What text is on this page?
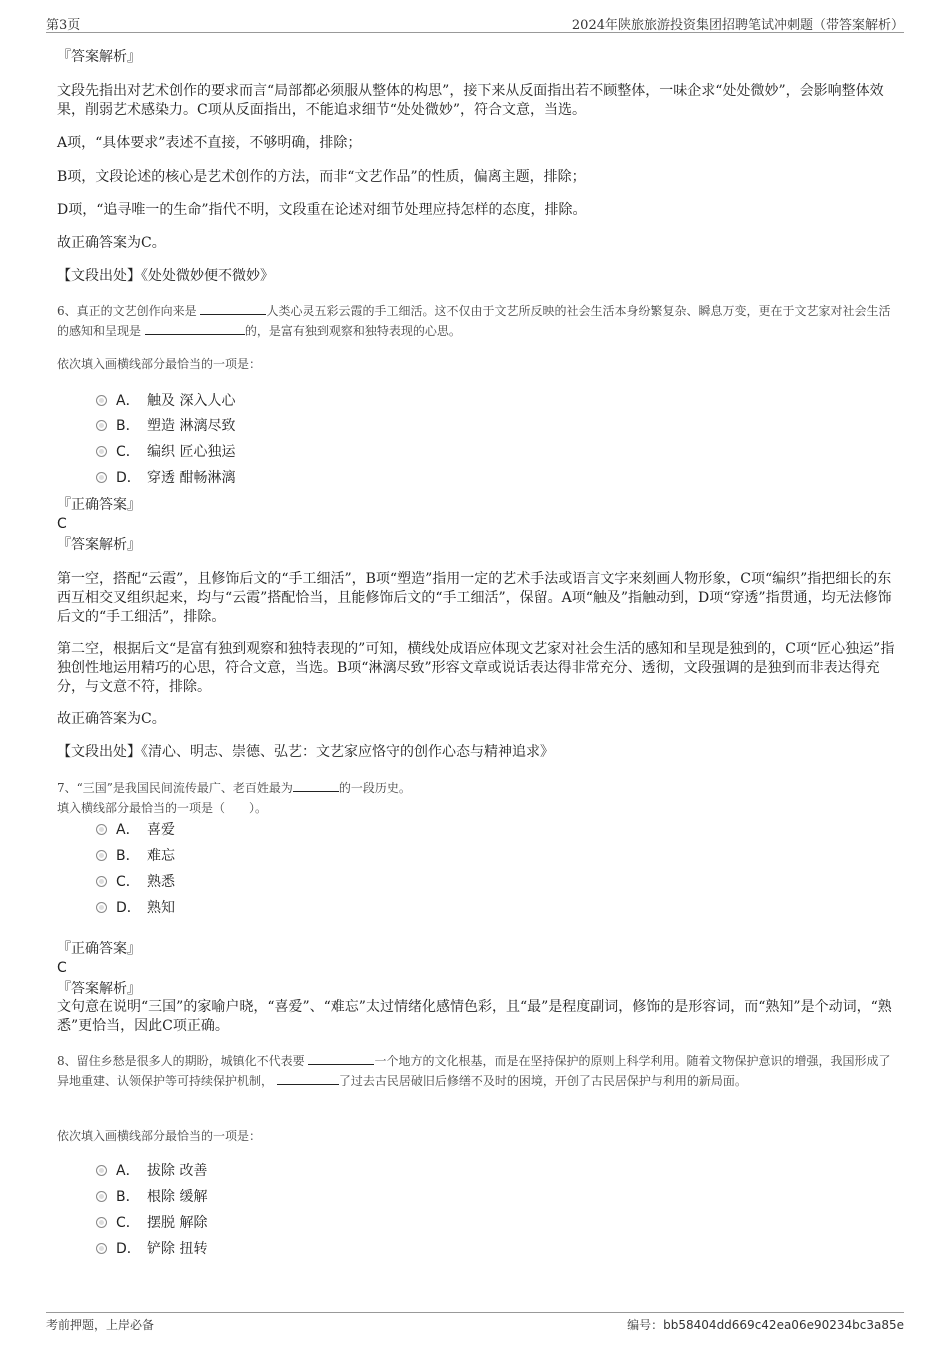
第3页	2024年陕旅旅游投资集团招聘笔试冲刺题（带答案解析）

『答案解析』

文段先指出对艺术创作的要求而言“局部都必须服从整体的构思”，接下来从反面指出若不顾整体，一味企求“处处微妙”，会影响整体效果，削弱艺术感染力。C项从反面指出，不能追求细节“处处微妙”，符合文意，当选。

A项，“具体要求”表述不直接，不够明确，排除；

B项，文段论述的核心是艺术创作的方法，而非“文艺作品”的性质，偏离主题，排除；

D项，“追寻唯一的生命”指代不明，文段重在论述对细节处理应持怎样的态度，排除。

故正确答案为C。

【文段出处】《处处微妙便不微妙》

6、真正的文艺创作向来是	人类心灵五彩云霞的手工细活。这不仅由于文艺所反映的社会生活本身纷繁复杂、瞬息万变，更在于文艺家对社会生活的感知和呈现是	的，是富有独到观察和独特表现的心思。

依次填入画横线部分最恰当的一项是：

A． 触及 深入人心
B． 塑造 淋漓尽致
C． 编织 匠心独运
D． 穿透 酣畅淋漓

『正确答案』

C

『答案解析』

第一空，搭配“云霞”，且修饰后文的“手工细活”，B项“塑造”指用一定的艺术手法或语言文字来刻画人物形象，C项“编织”指把细长的东西互相交叉组织起来，均与“云霞”搭配恰当，且能修饰后文的“手工细活”，保留。A项“触及”指触动到，D项“穿透”指贯通，均无法修饰后文的“手工细活”，排除。

第二空，根据后文“是富有独到观察和独特表现的”可知，横线处成语应体现文艺家对社会生活的感知和呈现是独到的，C项“匠心独运”指独创性地运用精巧的心思，符合文意，当选。B项“淋漓尽致”形容文章或说话表达得非常充分、透彻，文段强调的是独到而非表达得充分，与文意不符，排除。

故正确答案为C。

【文段出处】《清心、明志、崇德、弘艺：文艺家应恪守的创作心态与精神追求》

7、“三国”是我国民间流传最广、老百姓最为	的一段历史。

填入横线部分最恰当的一项是（　　）。

A． 喜爱
B． 难忘
C． 熟悉
D． 熟知

『正确答案』

C

『答案解析』

文句意在说明“三国”的家喻户晓，“喜爱”、“难忘”太过情绪化感情色彩，且“最”是程度副词，修饰的是形容词，而“熟知”是个动词，“熟悉”更恰当，因此C项正确。

8、留住乡愁是很多人的期盼，城镇化不代表要	一个地方的文化根基，而是在坚持保护的原则上科学利用。随着文物保护意识的增强，我国形成了异地重建、认领保护等可持续保护机制，	了过去古民居破旧后修缮不及时的困境，开创了古民居保护与利用的新局面。

依次填入画横线部分最恰当的一项是：

A． 拔除 改善
B． 根除 缓解
C． 摆脱 解除
D． 铲除 扭转
考前押题，上岸必备	编号：bb58404dd669c42ea06e90234bc3a85e
